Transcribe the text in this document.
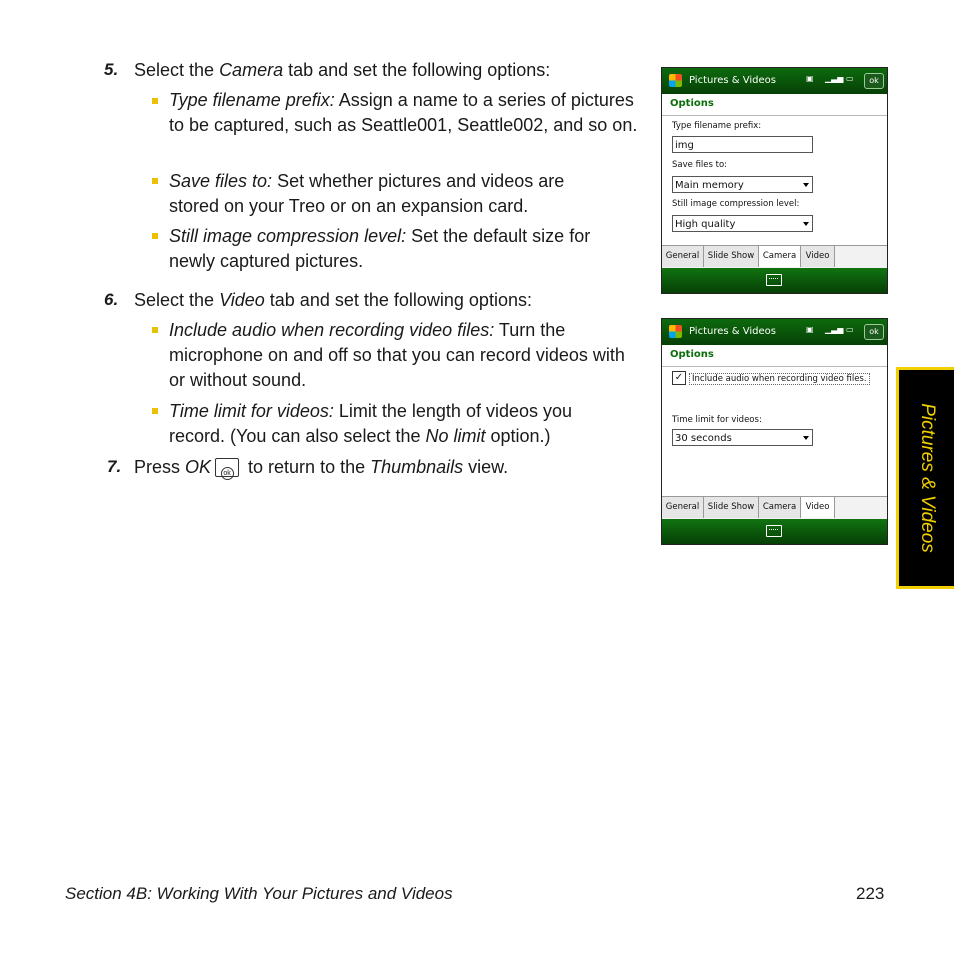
5. Select the Camera tab and set the following options:
Type filename prefix: Assign a name to a series of pictures to be captured, such as Seattle001, Seattle002, and so on.
Save files to: Set whether pictures and videos are stored on your Treo or on an expansion card.
Still image compression level: Set the default size for newly captured pictures.
6. Select the Video tab and set the following options:
Include audio when recording video files: Turn the microphone on and off so that you can record videos with or without sound.
Time limit for videos: Limit the length of videos you record. (You can also select the No limit option.)
7. Press OK ok to return to the Thumbnails view.
Pictures & Videos	▣ ▁▃▅ ▭	ok
Options
Type filename prefix:
img
Save files to:
Main memory
Still image compression level:
High quality
General	Slide Show	Camera	Video
Pictures & Videos	▣ ▁▃▅ ▭	ok
Options
✓	Include audio when recording video files.
Time limit for videos:
30 seconds
General	Slide Show	Camera	Video	Pictures & Videos
Section 4B: Working With Your Pictures and Videos	223
